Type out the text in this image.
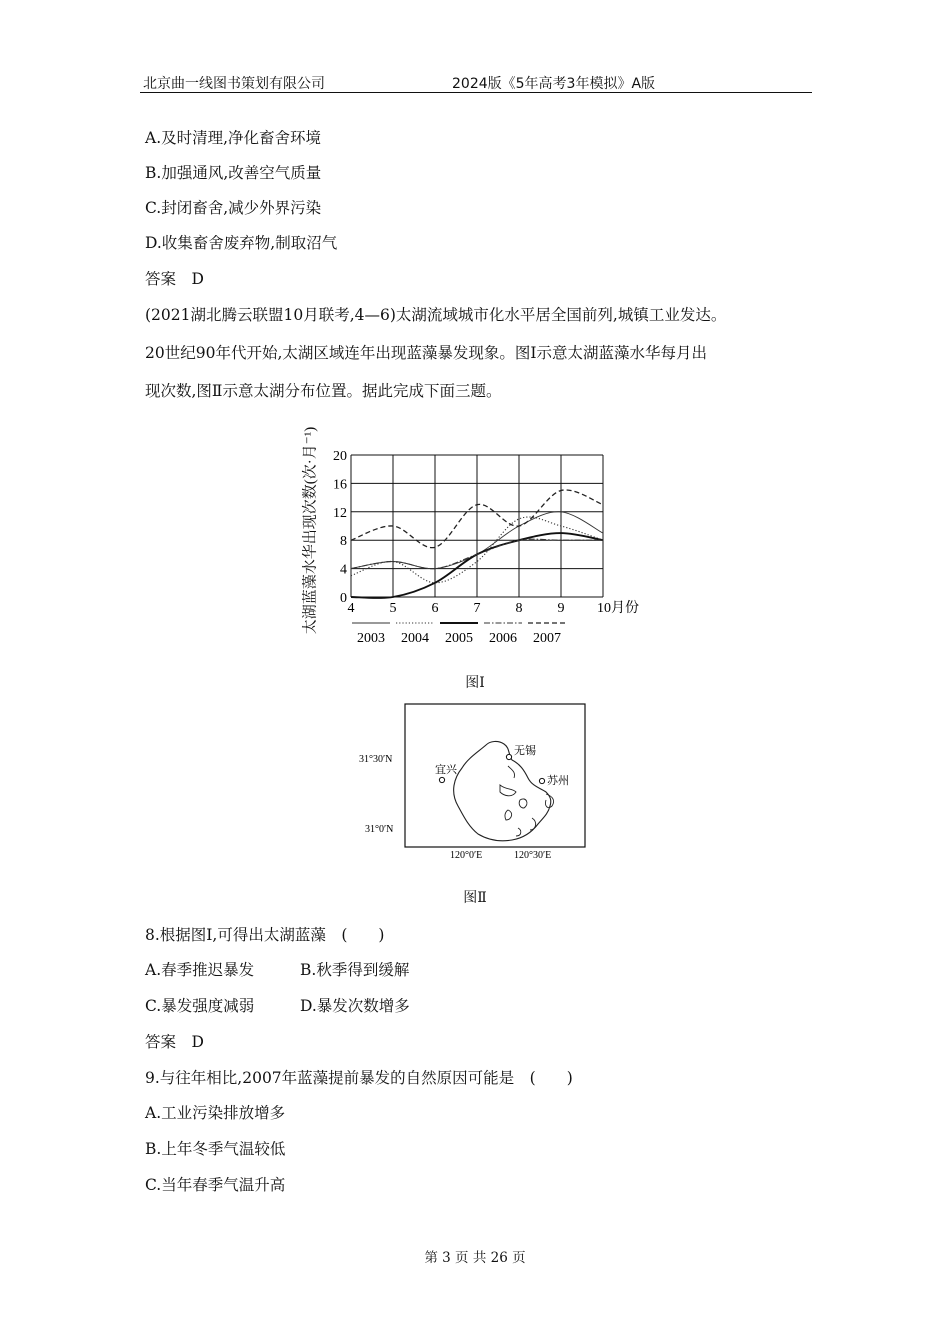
北京曲一线图书策划有限公司	2024版《5年高考3年模拟》A版
A.及时清理,净化畜舍环境
B.加强通风,改善空气质量
C.封闭畜舍,减少外界污染
D.收集畜舍废弃物,制取沼气
答案　D
(2021湖北腾云联盟10月联考,4—6)太湖流域城市化水平居全国前列,城镇工业发达。
20世纪90年代开始,太湖区域连年出现蓝藻暴发现象。图Ⅰ示意太湖蓝藻水华每月出
现次数,图Ⅱ示意太湖分布位置。据此完成下面三题。
0
4
8
12
16
20
4	5	6	7	8	9 10月份
2003 2004 2005 2006 2007
太湖蓝藻水华出现次数(次·月⁻¹)
图Ⅰ
无锡
宜兴
苏州
31°30′N
31°0′N
120°0′E	120°30′E
图Ⅱ
8.根据图Ⅰ,可得出太湖蓝藻　(　　)
A.春季推迟暴发	B.秋季得到缓解
C.暴发强度减弱	D.暴发次数增多
答案　D
9.与往年相比,2007年蓝藻提前暴发的自然原因可能是　(　　)
A.工业污染排放增多
B.上年冬季气温较低
C.当年春季气温升高
第 3 页 共 26 页
